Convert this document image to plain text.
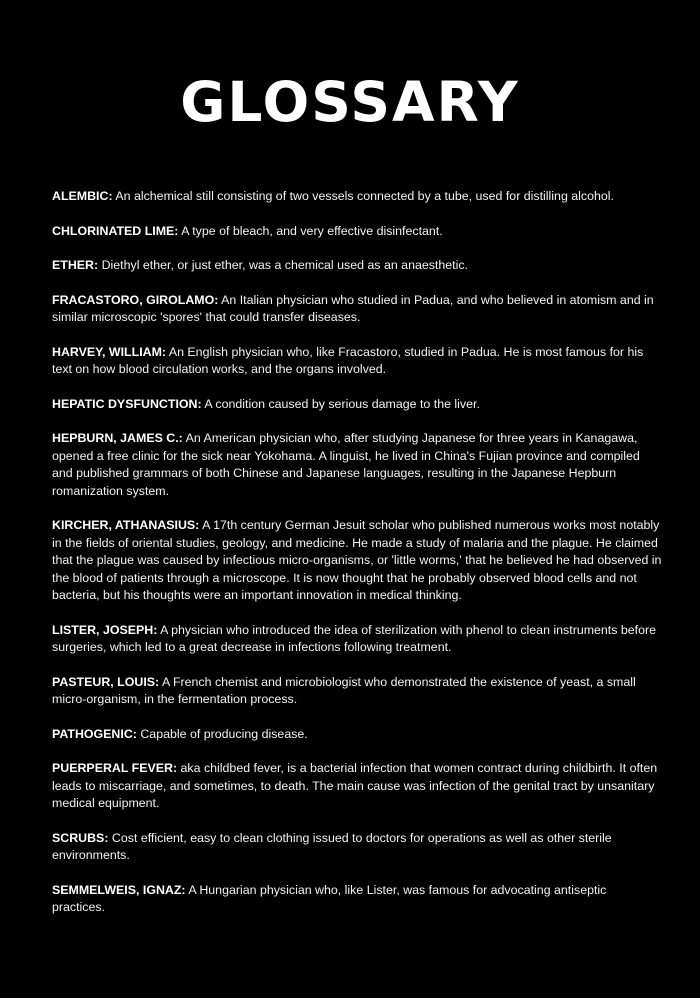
GLOSSARY

ALEMBIC: An alchemical still consisting of two vessels connected by a tube, used for distilling alcohol.

CHLORINATED LIME: A type of bleach, and very effective disinfectant.

ETHER: Diethyl ether, or just ether, was a chemical used as an anaesthetic.

FRACASTORO, GIROLAMO: An Italian physician who studied in Padua, and who believed in atomism and in similar microscopic 'spores' that could transfer diseases.

HARVEY, WILLIAM: An English physician who, like Fracastoro, studied in Padua. He is most famous for his text on how blood circulation works, and the organs involved.

HEPATIC DYSFUNCTION: A condition caused by serious damage to the liver.

HEPBURN, JAMES C.: An American physician who, after studying Japanese for three years in Kanagawa, opened a free clinic for the sick near Yokohama. A linguist, he lived in China's Fujian province and compiled and published grammars of both Chinese and Japanese languages, resulting in the Japanese Hepburn romanization system.

KIRCHER, ATHANASIUS: A 17th century German Jesuit scholar who published numerous works most notably in the fields of oriental studies, geology, and medicine. He made a study of malaria and the plague. He claimed that the plague was caused by infectious micro-organisms, or 'little worms,' that he believed he had observed in the blood of patients through a microscope. It is now thought that he probably observed blood cells and not bacteria, but his thoughts were an important innovation in medical thinking.

LISTER, JOSEPH: A physician who introduced the idea of sterilization with phenol to clean instruments before surgeries, which led to a great decrease in infections following treatment.

PASTEUR, LOUIS: A French chemist and microbiologist who demonstrated the existence of yeast, a small micro-organism, in the fermentation process.

PATHOGENIC: Capable of producing disease.

PUERPERAL FEVER: aka childbed fever, is a bacterial infection that women contract during childbirth. It often leads to miscarriage, and sometimes, to death. The main cause was infection of the genital tract by unsanitary medical equipment.

SCRUBS: Cost efficient, easy to clean clothing issued to doctors for operations as well as other sterile environments.

SEMMELWEIS, IGNAZ: A Hungarian physician who, like Lister, was famous for advocating antiseptic practices.
